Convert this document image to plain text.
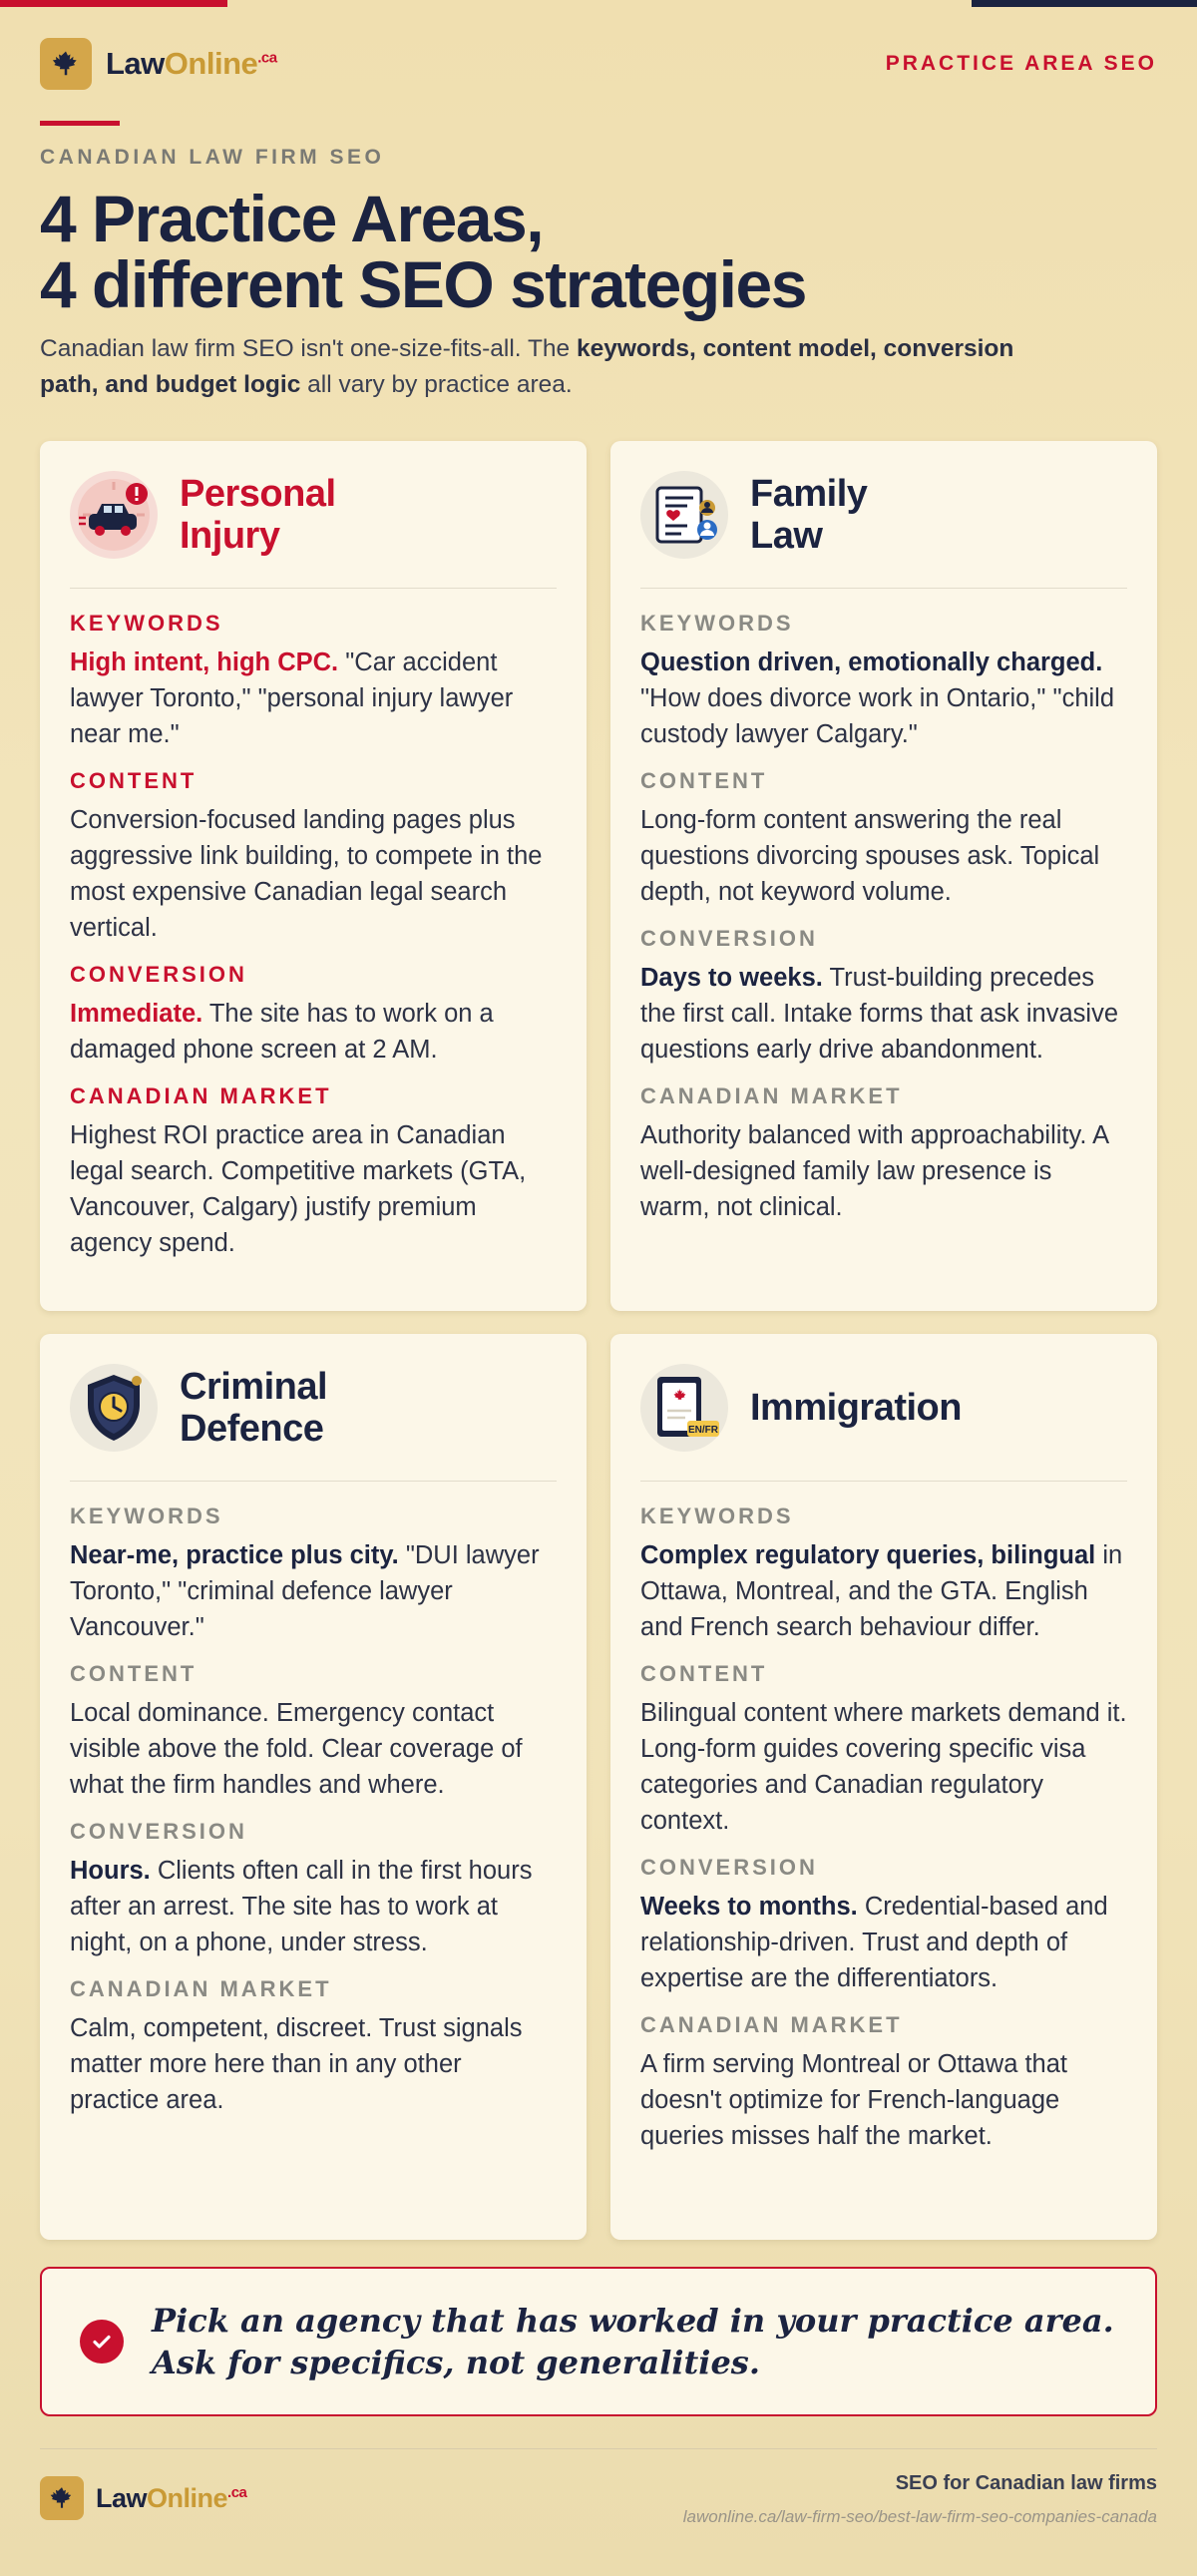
LawOnline$^{.ca}$	PRACTICE AREA SEO
CANADIAN LAW FIRM SEO
4 Practice Areas,
4 different SEO strategies

Canadian law firm SEO isn't one-size-fits-all. The keywords, content model, conversion path, and budget logic all vary by practice area.

Personal
Injury
KEYWORDS

High intent, high CPC. "Car accident lawyer Toronto," "personal injury lawyer near me."

CONTENT

Conversion-focused landing pages plus aggressive link building, to compete in the most expensive Canadian legal search vertical.

CONVERSION

Immediate. The site has to work on a damaged phone screen at 2 AM.

CANADIAN MARKET

Highest ROI practice area in Canadian legal search. Competitive markets (GTA, Vancouver, Calgary) justify premium agency spend.

Family
Law
KEYWORDS

Question driven, emotionally charged. "How does divorce work in Ontario," "child custody lawyer Calgary."

CONTENT

Long-form content answering the real questions divorcing spouses ask. Topical depth, not keyword volume.

CONVERSION

Days to weeks. Trust-building precedes the first call. Intake forms that ask invasive questions early drive abandonment.

CANADIAN MARKET

Authority balanced with approachability. A well-designed family law presence is warm, not clinical.

Criminal
Defence
KEYWORDS

Near-me, practice plus city. "DUI lawyer Toronto," "criminal defence lawyer Vancouver."

CONTENT

Local dominance. Emergency contact visible above the fold. Clear coverage of what the firm handles and where.

CONVERSION

Hours. Clients often call in the first hours after an arrest. The site has to work at night, on a phone, under stress.

CANADIAN MARKET

Calm, competent, discreet. Trust signals matter more here than in any other practice area.

EN/FR
Immigration
KEYWORDS

Complex regulatory queries, bilingual in Ottawa, Montreal, and the GTA. English and French search behaviour differ.

CONTENT

Bilingual content where markets demand it. Long-form guides covering specific visa categories and Canadian regulatory context.

CONVERSION

Weeks to months. Credential-based and relationship-driven. Trust and depth of expertise are the differentiators.

CANADIAN MARKET

A firm serving Montreal or Ottawa that doesn't optimize for French-language queries misses half the market.

Pick an agency that has worked in your practice area. Ask for specifics, not generalities.

LawOnline$^{.ca}$	SEO for Canadian law firms
lawonline.ca/law-firm-seo/best-law-firm-seo-companies-canada
